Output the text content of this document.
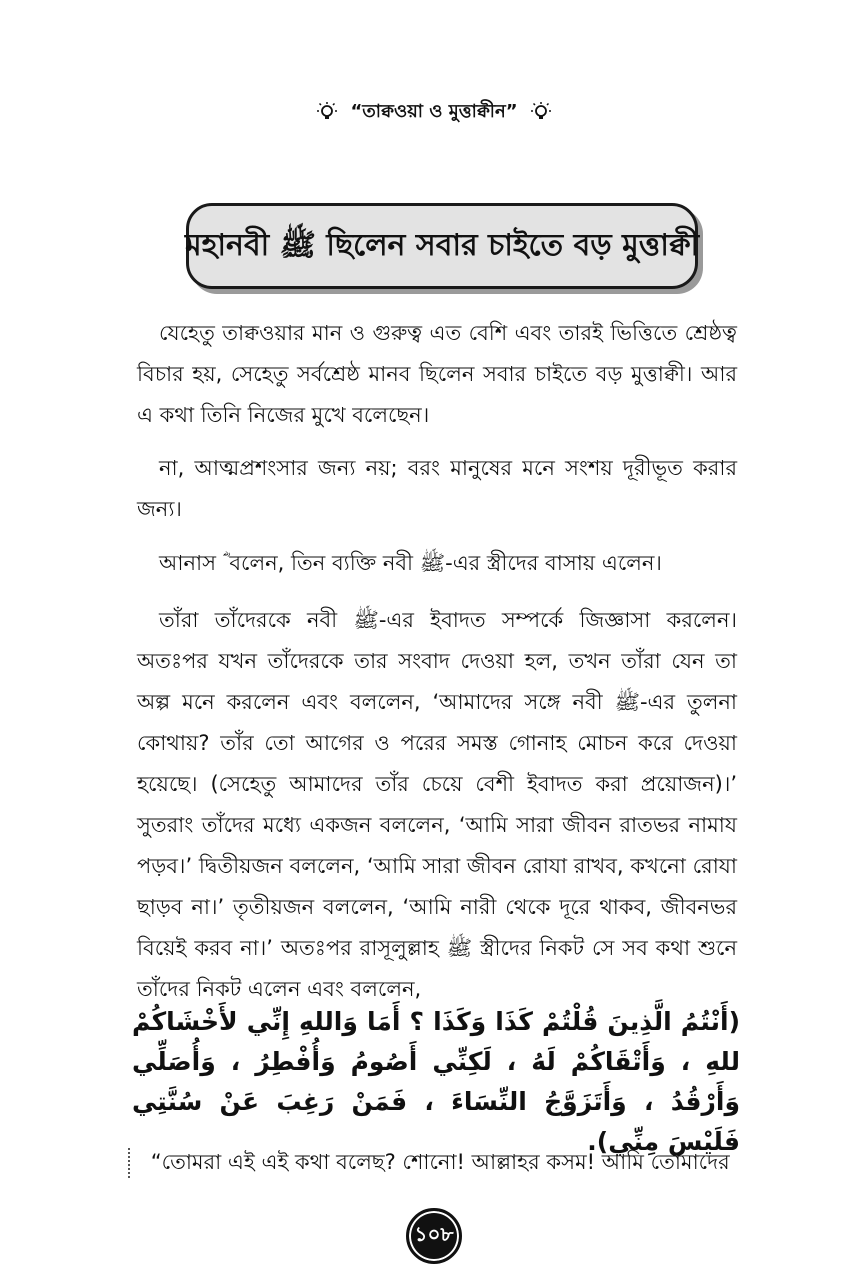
“তাক্বওয়া ও মুত্তাক্বীন”
মহানবী ﷺ ছিলেন সবার চাইতে বড় মুত্তাক্বী

যেহেতু তাক্বওয়ার মান ও গুরুত্ব এত বেশি এবং তারই ভিত্তিতে শ্রেষ্ঠত্ব বিচার হয়, সেহেতু সর্বশ্রেষ্ঠ মানব ছিলেন সবার চাইতে বড় মুত্তাক্বী। আর এ কথা তিনি নিজের মুখে বলেছেন।

না, আত্মপ্রশংসার জন্য নয়; বরং মানুষের মনে সংশয় দূরীভূত করার জন্য।

আনাস ؓ বলেন, তিন ব্যক্তি নবী ﷺ-এর স্ত্রীদের বাসায় এলেন।

তাঁরা তাঁদেরকে নবী ﷺ-এর ইবাদত সম্পর্কে জিজ্ঞাসা করলেন। অতঃপর যখন তাঁদেরকে তার সংবাদ দেওয়া হল, তখন তাঁরা যেন তা অল্প মনে করলেন এবং বললেন, ‘আমাদের সঙ্গে নবী ﷺ-এর তুলনা কোথায়? তাঁর তো আগের ও পরের সমস্ত গোনাহ মোচন করে দেওয়া হয়েছে। (সেহেতু আমাদের তাঁর চেয়ে বেশী ইবাদত করা প্রয়োজন)।’ সুতরাং তাঁদের মধ্যে একজন বললেন, ‘আমি সারা জীবন রাতভর নামায পড়ব।’ দ্বিতীয়জন বললেন, ‘আমি সারা জীবন রোযা রাখব, কখনো রোযা ছাড়ব না।’ তৃতীয়জন বললেন, ‘আমি নারী থেকে দূরে থাকব, জীবনভর বিয়েই করব না।’ অতঃপর রাসূলুল্লাহ ﷺ স্ত্রীদের নিকট সে সব কথা শুনে তাঁদের নিকট এলেন এবং বললেন,

(أَنْتُمُ الَّذِينَ قُلْتُمْ كَذَا وَكَذَا ؟ أَمَا وَاللهِ إِنِّي لأَخْشَاكُمْ للهِ ، وَأَتْقَاكُمْ لَهُ ، لَكِنِّي أَصُومُ وَأُفْطِرُ ، وَأُصَلِّي وَأَرْقُدُ ، وَأَتَزَوَّجُ النِّسَاءَ ، فَمَنْ رَغِبَ عَنْ سُنَّتِي فَلَيْسَ مِنِّي).

“তোমরা এই এই কথা বলেছ? শোনো! আল্লাহর কসম! আমি তোমাদের
১০৮
